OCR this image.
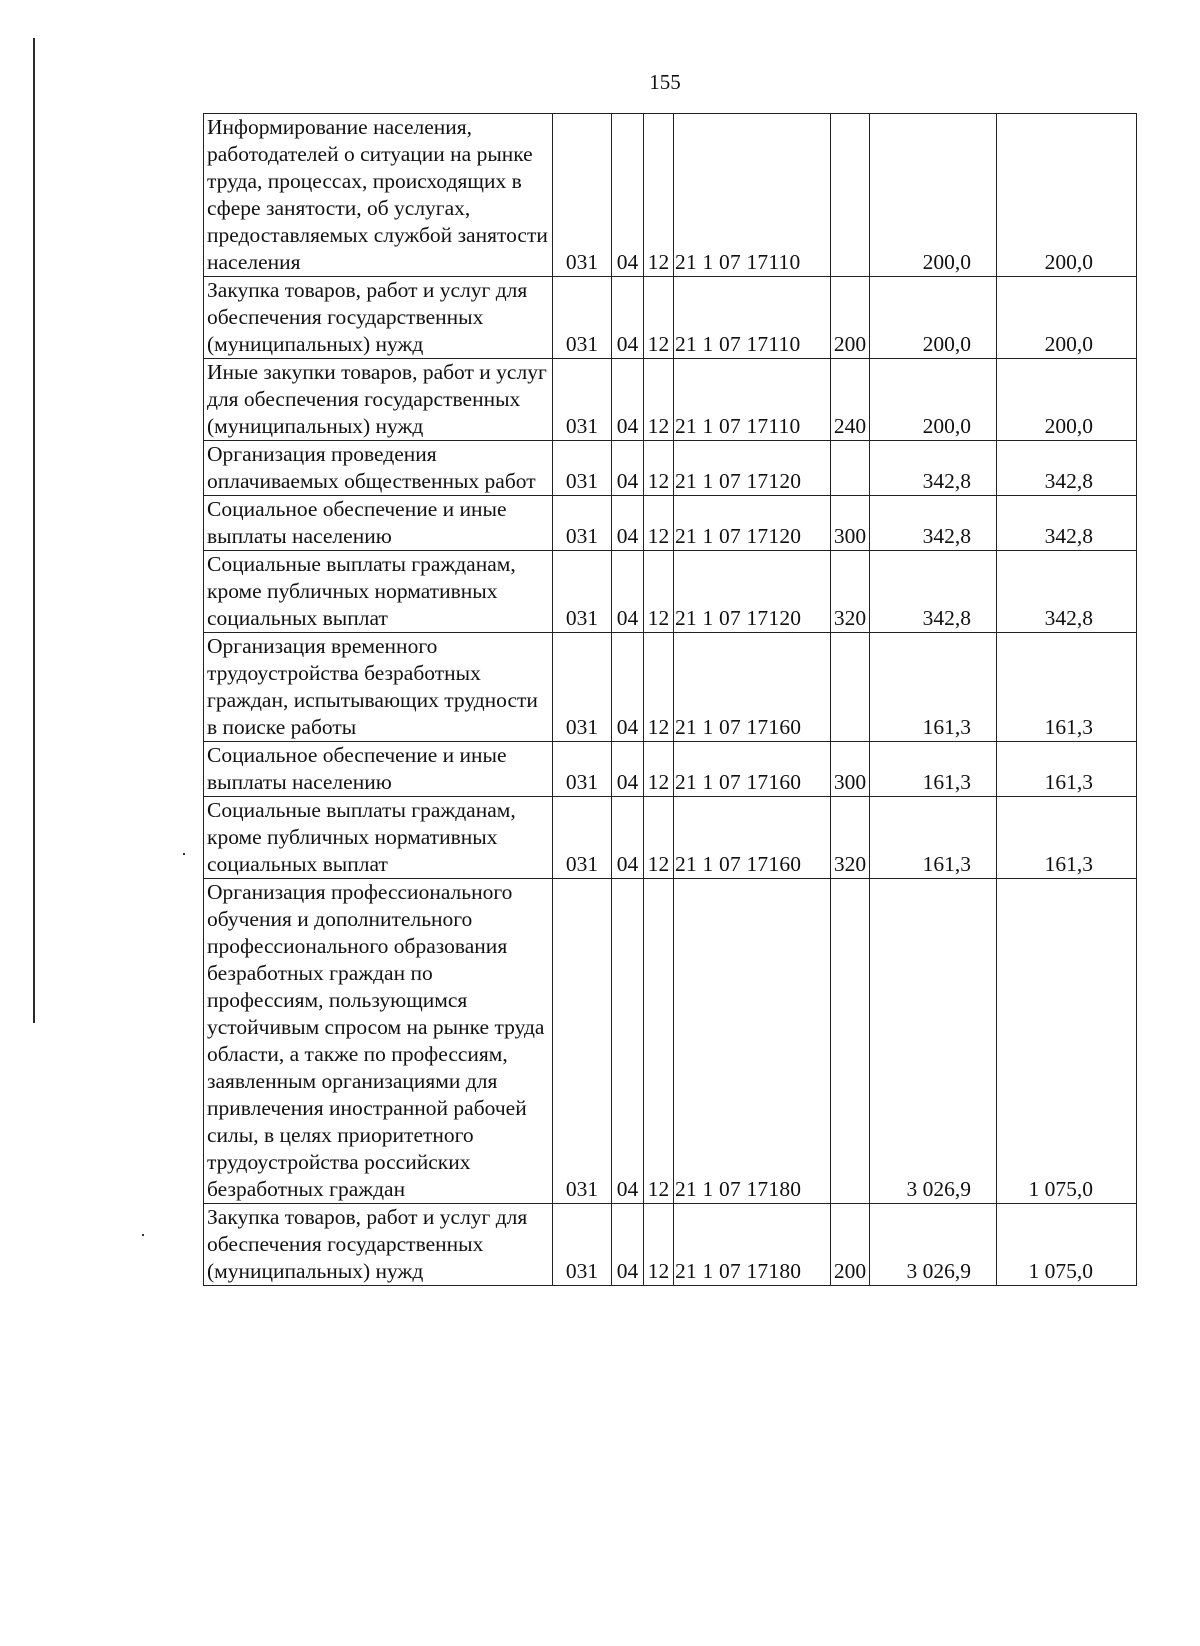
155
Информирование населения, работодателей о ситуации на рынке труда, процессах, происходящих в сфере занятости, об услугах, предоставляемых службой занятости населения	031	04	12	21 1 07 17110		200,0	200,0
Закупка товаров, работ и услуг для обеспечения государственных (муниципальных) нужд	031	04	12	21 1 07 17110	200	200,0	200,0
Иные закупки товаров, работ и услуг для обеспечения государственных (муниципальных) нужд	031	04	12	21 1 07 17110	240	200,0	200,0
Организация проведения оплачиваемых общественных работ	031	04	12	21 1 07 17120		342,8	342,8
Социальное обеспечение и иные выплаты населению	031	04	12	21 1 07 17120	300	342,8	342,8
Социальные выплаты гражданам, кроме публичных нормативных социальных выплат	031	04	12	21 1 07 17120	320	342,8	342,8
Организация временного трудоустройства безработных граждан, испытывающих трудности в поиске работы	031	04	12	21 1 07 17160		161,3	161,3
Социальное обеспечение и иные выплаты населению	031	04	12	21 1 07 17160	300	161,3	161,3
Социальные выплаты гражданам, кроме публичных нормативных социальных выплат	031	04	12	21 1 07 17160	320	161,3	161,3
Организация профессионального обучения и дополнительного профессионального образования безработных граждан по профессиям, пользующимся устойчивым спросом на рынке труда области, а также по профессиям, заявленным организациями для привлечения иностранной рабочей силы, в целях приоритетного трудоустройства российских безработных граждан	031	04	12	21 1 07 17180		3 026,9	1 075,0
Закупка товаров, работ и услуг для обеспечения государственных (муниципальных) нужд	031	04	12	21 1 07 17180	200	3 026,9	1 075,0
